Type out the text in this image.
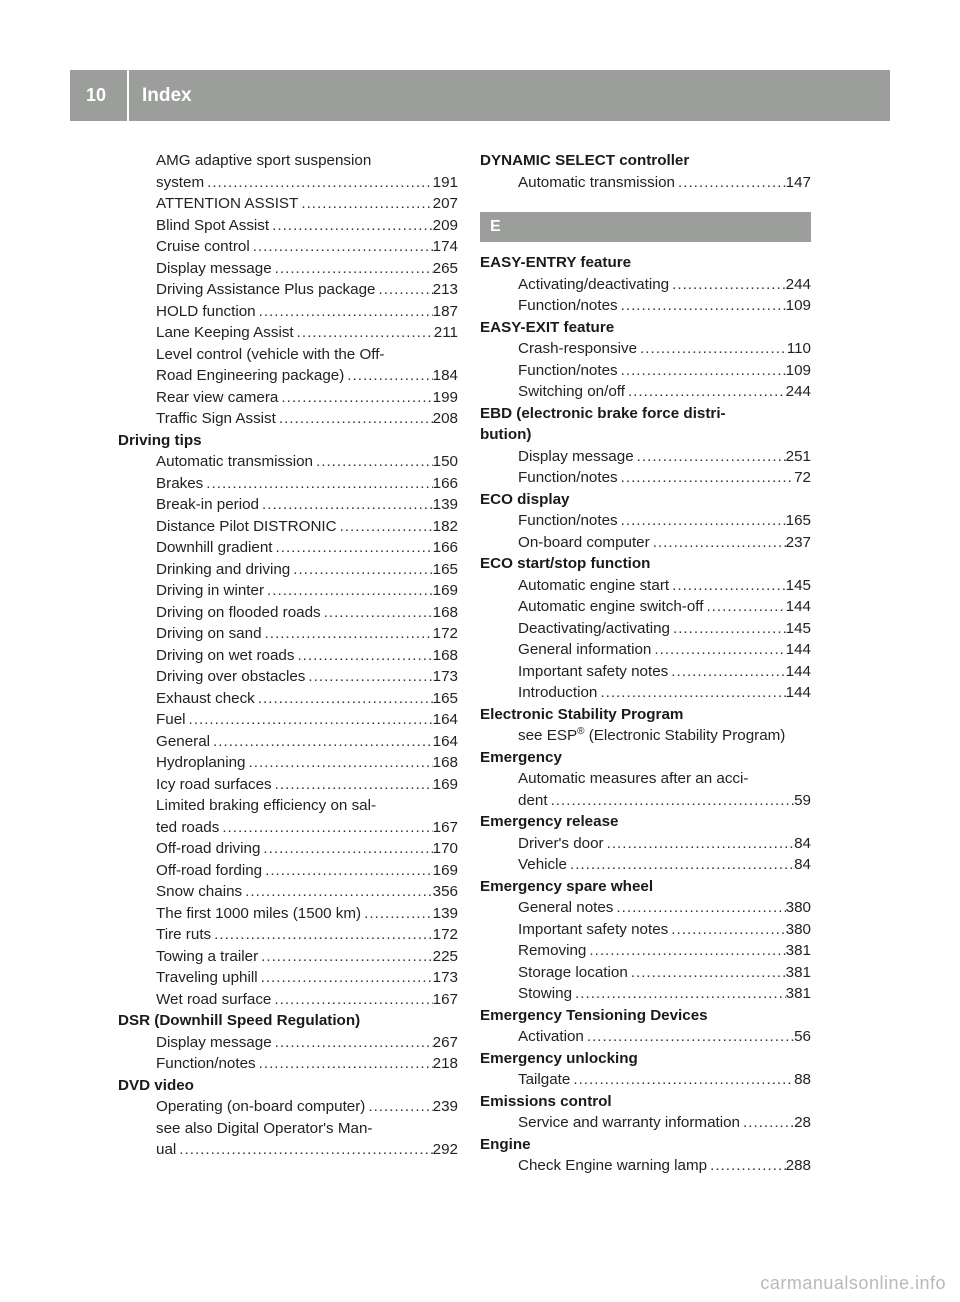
10	Index
AMG adaptive sport suspension
system .....	191
ATTENTION ASSIST .....	207
Blind Spot Assist .....	209
Cruise control .....	174
Display message .....	265
Driving Assistance Plus package .....	213
HOLD function .....	187
Lane Keeping Assist .....	211
Level control (vehicle with the Off-
Road Engineering package) .....	184
Rear view camera .....	199
Traffic Sign Assist .....	208
Driving tips
Automatic transmission .....	150
Brakes .....	166
Break-in period .....	139
Distance Pilot DISTRONIC .....	182
Downhill gradient .....	166
Drinking and driving .....	165
Driving in winter .....	169
Driving on flooded roads .....	168
Driving on sand .....	172
Driving on wet roads .....	168
Driving over obstacles .....	173
Exhaust check .....	165
Fuel .....	164
General .....	164
Hydroplaning .....	168
Icy road surfaces .....	169
Limited braking efficiency on sal-
ted roads .....	167
Off-road driving .....	170
Off-road fording .....	169
Snow chains .....	356
The first 1000 miles (1500 km) .....	139
Tire ruts .....	172
Towing a trailer .....	225
Traveling uphill .....	173
Wet road surface .....	167
DSR (Downhill Speed Regulation)
Display message .....	267
Function/notes .....	218
DVD video
Operating (on-board computer) .....	239
see also Digital Operator's Man-
ual .....	292
DYNAMIC SELECT controller
Automatic transmission .....	147
E
EASY-ENTRY feature
Activating/deactivating .....	244
Function/notes .....	109
EASY-EXIT feature
Crash-responsive .....	110
Function/notes .....	109
Switching on/off .....	244
EBD (electronic brake force distri-
bution)
Display message .....	251
Function/notes .....	72
ECO display
Function/notes .....	165
On-board computer .....	237
ECO start/stop function
Automatic engine start .....	145
Automatic engine switch-off .....	144
Deactivating/activating .....	145
General information .....	144
Important safety notes .....	144
Introduction .....	144
Electronic Stability Program
see ESP® (Electronic Stability Program)
Emergency
Automatic measures after an acci-
dent .....	59
Emergency release
Driver's door .....	84
Vehicle .....	84
Emergency spare wheel
General notes .....	380
Important safety notes .....	380
Removing .....	381
Storage location .....	381
Stowing .....	381
Emergency Tensioning Devices
Activation .....	56
Emergency unlocking
Tailgate .....	88
Emissions control
Service and warranty information .....	28
Engine
Check Engine warning lamp .....	288
carmanualsonline.info
